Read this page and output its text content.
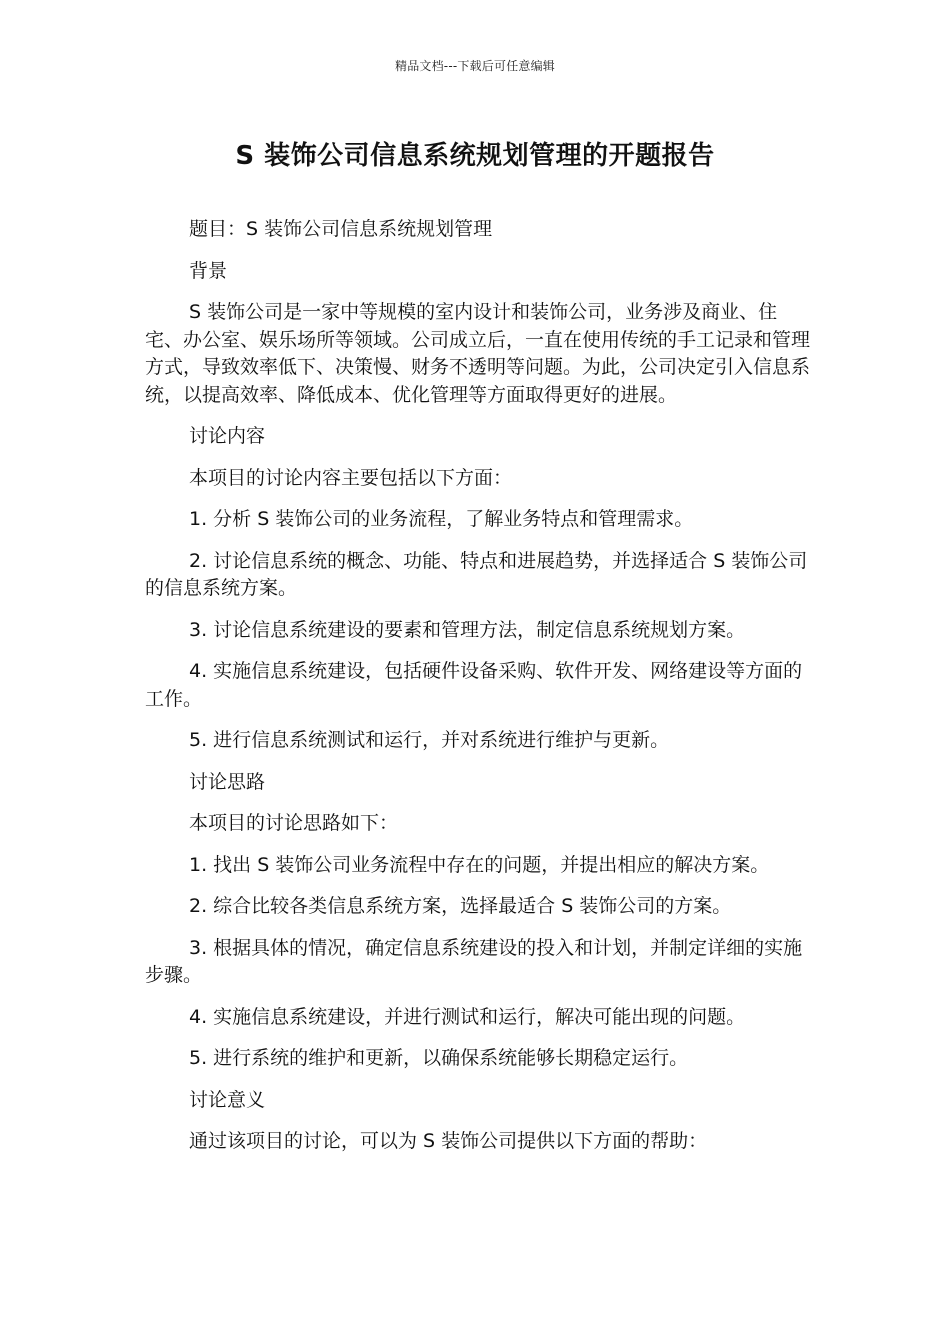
精品文档---下载后可任意编辑
S 装饰公司信息系统规划管理的开题报告

题目：S 装饰公司信息系统规划管理

背景

S 装饰公司是一家中等规模的室内设计和装饰公司，业务涉及商业、住宅、办公室、娱乐场所等领域。公司成立后，一直在使用传统的手工记录和管理方式，导致效率低下、决策慢、财务不透明等问题。为此，公司决定引入信息系统，以提高效率、降低成本、优化管理等方面取得更好的进展。

讨论内容

本项目的讨论内容主要包括以下方面：

1. 分析 S 装饰公司的业务流程，了解业务特点和管理需求。

2. 讨论信息系统的概念、功能、特点和进展趋势，并选择适合 S 装饰公司的信息系统方案。

3. 讨论信息系统建设的要素和管理方法，制定信息系统规划方案。

4. 实施信息系统建设，包括硬件设备采购、软件开发、网络建设等方面的工作。

5. 进行信息系统测试和运行，并对系统进行维护与更新。

讨论思路

本项目的讨论思路如下：

1. 找出 S 装饰公司业务流程中存在的问题，并提出相应的解决方案。

2. 综合比较各类信息系统方案，选择最适合 S 装饰公司的方案。

3. 根据具体的情况，确定信息系统建设的投入和计划，并制定详细的实施步骤。

4. 实施信息系统建设，并进行测试和运行，解决可能出现的问题。

5. 进行系统的维护和更新，以确保系统能够长期稳定运行。

讨论意义

通过该项目的讨论，可以为 S 装饰公司提供以下方面的帮助：
